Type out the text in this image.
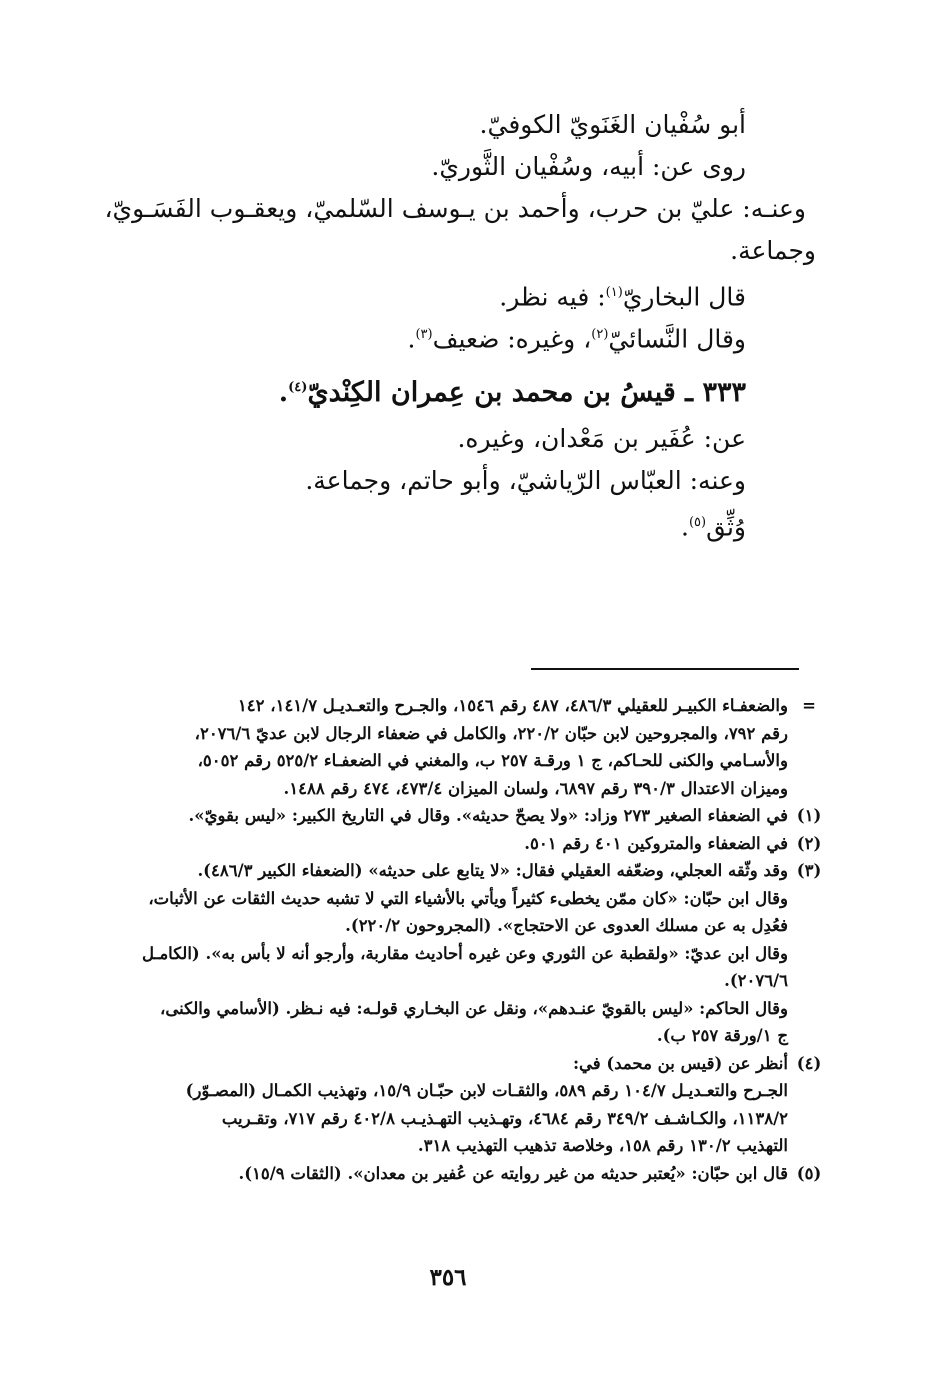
أبو سُفْيان الغَنَويّ الكوفيّ.
روى عن: أبيه، وسُفْيان الثَّوريّ.
وعنـه: عليّ بن حرب، وأحمد بن يـوسف السّلميّ، ويعقـوب الفَسَـويّ،
وجماعة.
قال البخاريّ$^{(١)}$: فيه نظر.
وقال النَّسائيّ$^{(٢)}$، وغيره: ضعيف$^{(٣)}$.
٣٣٣ ـ قيسُ بن محمد بن عِمران الكِنْديّ$^{(٤)}$.
عن: عُفَير بن مَعْدان، وغيره.
وعنه: العبّاس الرّياشيّ، وأبو حاتم، وجماعة.
وُثِّق$^{(٥)}$.
=
والضعفـاء الكبيـر للعقيلي ٤٨٦/٣، ٤٨٧ رقم ١٥٤٦، والجـرح والتعـديـل ١٤١/٧، ١٤٢
رقم ٧٩٢، والمجروحين لابن حبّان ٢٢٠/٢، والكامل في ضعفاء الرجال لابن عديّ ٢٠٧٦/٦،
والأسـامي والكنى للحـاكم، ج ١ ورقـة ٢٥٧ ب، والمغني في الضعفـاء ٥٢٥/٢ رقم ٥٠٥٢،
وميزان الاعتدال ٣٩٠/٣ رقم ٦٨٩٧، ولسان الميزان ٤٧٣/٤، ٤٧٤ رقم ١٤٨٨.
(١)
في الضعفاء الصغير ٢٧٣ وزاد: «ولا يصحّ حديثه». وقال في التاريخ الكبير: «ليس بقويّ».
(٢)
في الضعفاء والمتروكين ٤٠١ رقم ٥٠١.
(٣)
وقد وثّقه العجلي، وضعّفه العقيلي فقال: «لا يتابع على حديثه» (الضعفاء الكبير ٤٨٦/٣).
وقال ابن حبّان: «كان ممّن يخطىء كثيراً ويأتي بالأشياء التي لا تشبه حديث الثقات عن الأثبات،
فعُدِل به عن مسلك العدوى عن الاحتجاج». (المجروحون ٢٢٠/٢).
وقال ابن عديّ: «ولقطبة عن الثوري وعن غيره أحاديث مقاربة، وأرجو أنه لا بأس به». (الكامـل
٢٠٧٦/٦).
وقال الحاكم: «ليس بالقويّ عنـدهم»، ونقل عن البخـاري قولـه: فيه نـظر. (الأسامي والكنى،
ج ١/ورقة ٢٥٧ ب).
(٤)
أنظر عن (قيس بن محمد) في:
الجـرح والتعـديـل ١٠٤/٧ رقم ٥٨٩، والثقـات لابن حبّـان ١٥/٩، وتهذيب الكمـال (المصـوّر)
١١٣٨/٢، والكـاشـف ٣٤٩/٢ رقم ٤٦٨٤، وتهـذيب التهـذيـب ٤٠٢/٨ رقم ٧١٧، وتقـريب
التهذيب ١٣٠/٢ رقم ١٥٨، وخلاصة تذهيب التهذيب ٣١٨.
(٥)
قال ابن حبّان: «يُعتبر حديثه من غير روايته عن عُفير بن معدان». (الثقات ١٥/٩).
٣٥٦
